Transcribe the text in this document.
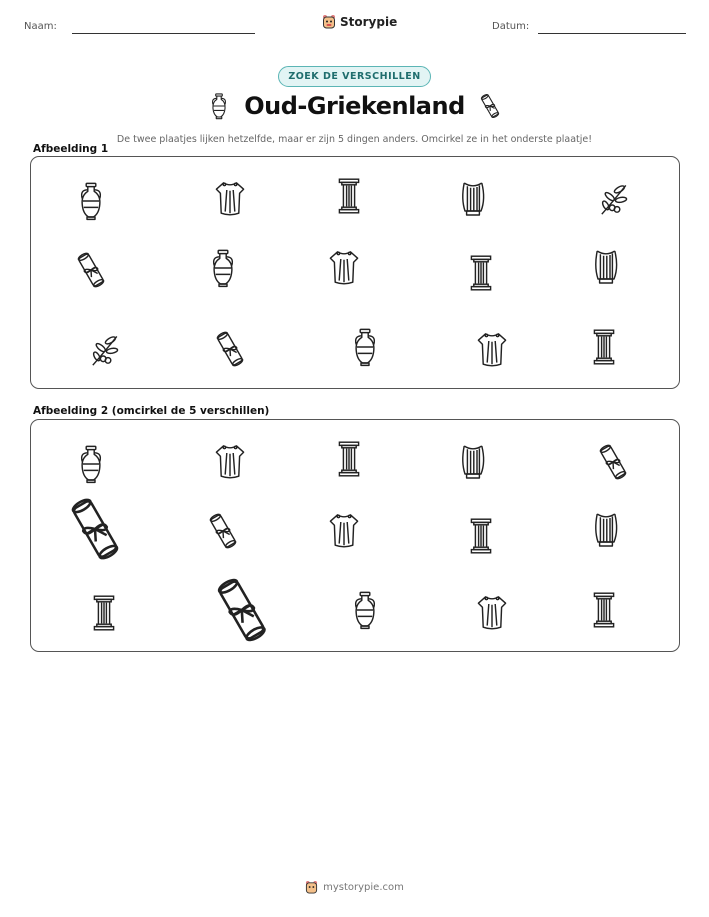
Naam:	Storypie	Datum:
ZOEK DE VERSCHILLEN
Oud-Griekenland
De twee plaatjes lijken hetzelfde, maar er zijn 5 dingen anders. Omcirkel ze in het onderste plaatje!
Afbeelding 1
Afbeelding 2 (omcirkel de 5 verschillen)
mystorypie.com
